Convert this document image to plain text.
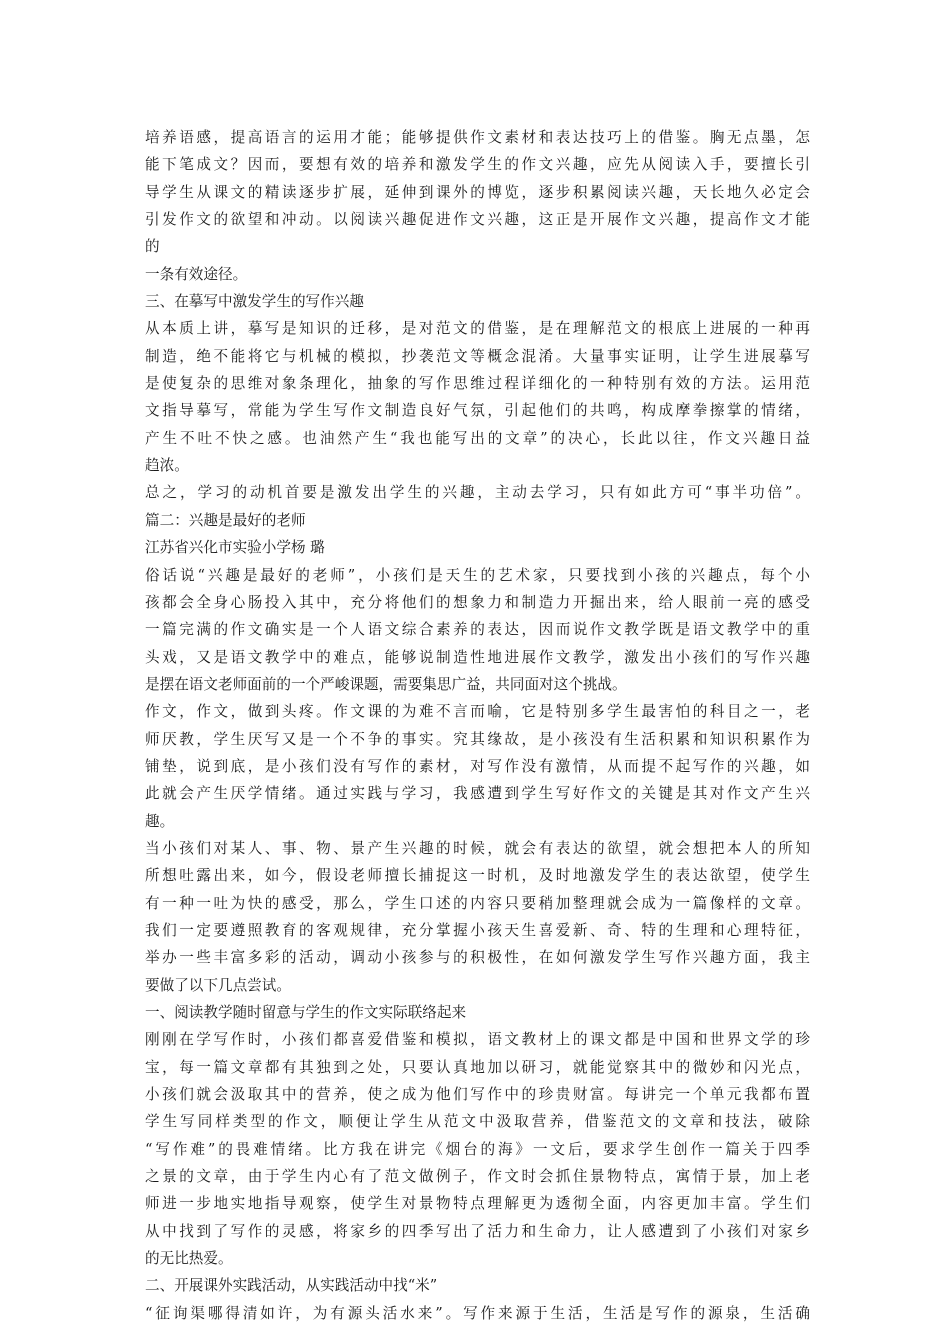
培养语感，提高语言的运用才能；能够提供作文素材和表达技巧上的借鉴。胸无点墨，怎
能下笔成文？因而，要想有效的培养和激发学生的作文兴趣，应先从阅读入手，要擅长引
导学生从课文的精读逐步扩展，延伸到课外的博览，逐步积累阅读兴趣，天长地久必定会
引发作文的欲望和冲动。以阅读兴趣促进作文兴趣，这正是开展作文兴趣，提高作文才能
的
一条有效途径。
三、在摹写中激发学生的写作兴趣
从本质上讲，摹写是知识的迁移，是对范文的借鉴，是在理解范文的根底上进展的一种再
制造，绝不能将它与机械的模拟，抄袭范文等概念混淆。大量事实证明，让学生进展摹写
是使复杂的思维对象条理化，抽象的写作思维过程详细化的一种特别有效的方法。运用范
文指导摹写，常能为学生写作文制造良好气氛，引起他们的共鸣，构成摩拳擦掌的情绪，
产生不吐不快之感。也油然产生“我也能写出的文章”的决心，长此以往，作文兴趣日益
趋浓。
总之，学习的动机首要是激发出学生的兴趣，主动去学习，只有如此方可“事半功倍”。
篇二：兴趣是最好的老师
江苏省兴化市实验小学杨 璐
俗话说“兴趣是最好的老师”，小孩们是天生的艺术家，只要找到小孩的兴趣点，每个小
孩都会全身心肠投入其中，充分将他们的想象力和制造力开掘出来，给人眼前一亮的感受
一篇完满的作文确实是一个人语文综合素养的表达，因而说作文教学既是语文教学中的重
头戏，又是语文教学中的难点，能够说制造性地进展作文教学，激发出小孩们的写作兴趣
是摆在语文老师面前的一个严峻课题，需要集思广益，共同面对这个挑战。
作文，作文，做到头疼。作文课的为难不言而喻，它是特别多学生最害怕的科目之一，老
师厌教，学生厌写又是一个不争的事实。究其缘故，是小孩没有生活积累和知识积累作为
铺垫，说到底，是小孩们没有写作的素材，对写作没有激情，从而提不起写作的兴趣，如
此就会产生厌学情绪。通过实践与学习，我感遭到学生写好作文的关键是其对作文产生兴
趣。
当小孩们对某人、事、物、景产生兴趣的时候，就会有表达的欲望，就会想把本人的所知
所想吐露出来，如今，假设老师擅长捕捉这一时机，及时地激发学生的表达欲望，使学生
有一种一吐为快的感受，那么，学生口述的内容只要稍加整理就会成为一篇像样的文章。
我们一定要遵照教育的客观规律，充分掌握小孩天生喜爱新、奇、特的生理和心理特征，
举办一些丰富多彩的活动，调动小孩参与的积极性，在如何激发学生写作兴趣方面，我主
要做了以下几点尝试。
一、阅读教学随时留意与学生的作文实际联络起来
刚刚在学写作时，小孩们都喜爱借鉴和模拟，语文教材上的课文都是中国和世界文学的珍
宝，每一篇文章都有其独到之处，只要认真地加以研习，就能觉察其中的微妙和闪光点，
小孩们就会汲取其中的营养，使之成为他们写作中的珍贵财富。每讲完一个单元我都布置
学生写同样类型的作文，顺便让学生从范文中汲取营养，借鉴范文的文章和技法，破除
“写作难”的畏难情绪。比方我在讲完《烟台的海》一文后，要求学生创作一篇关于四季
之景的文章，由于学生内心有了范文做例子，作文时会抓住景物特点，寓情于景，加上老
师进一步地实地指导观察，使学生对景物特点理解更为透彻全面，内容更加丰富。学生们
从中找到了写作的灵感，将家乡的四季写出了活力和生命力，让人感遭到了小孩们对家乡
的无比热爱。
二、开展课外实践活动，从实践活动中找“米”
“征询渠哪得清如许，为有源头活水来”。写作来源于生活，生活是写作的源泉，生活确
